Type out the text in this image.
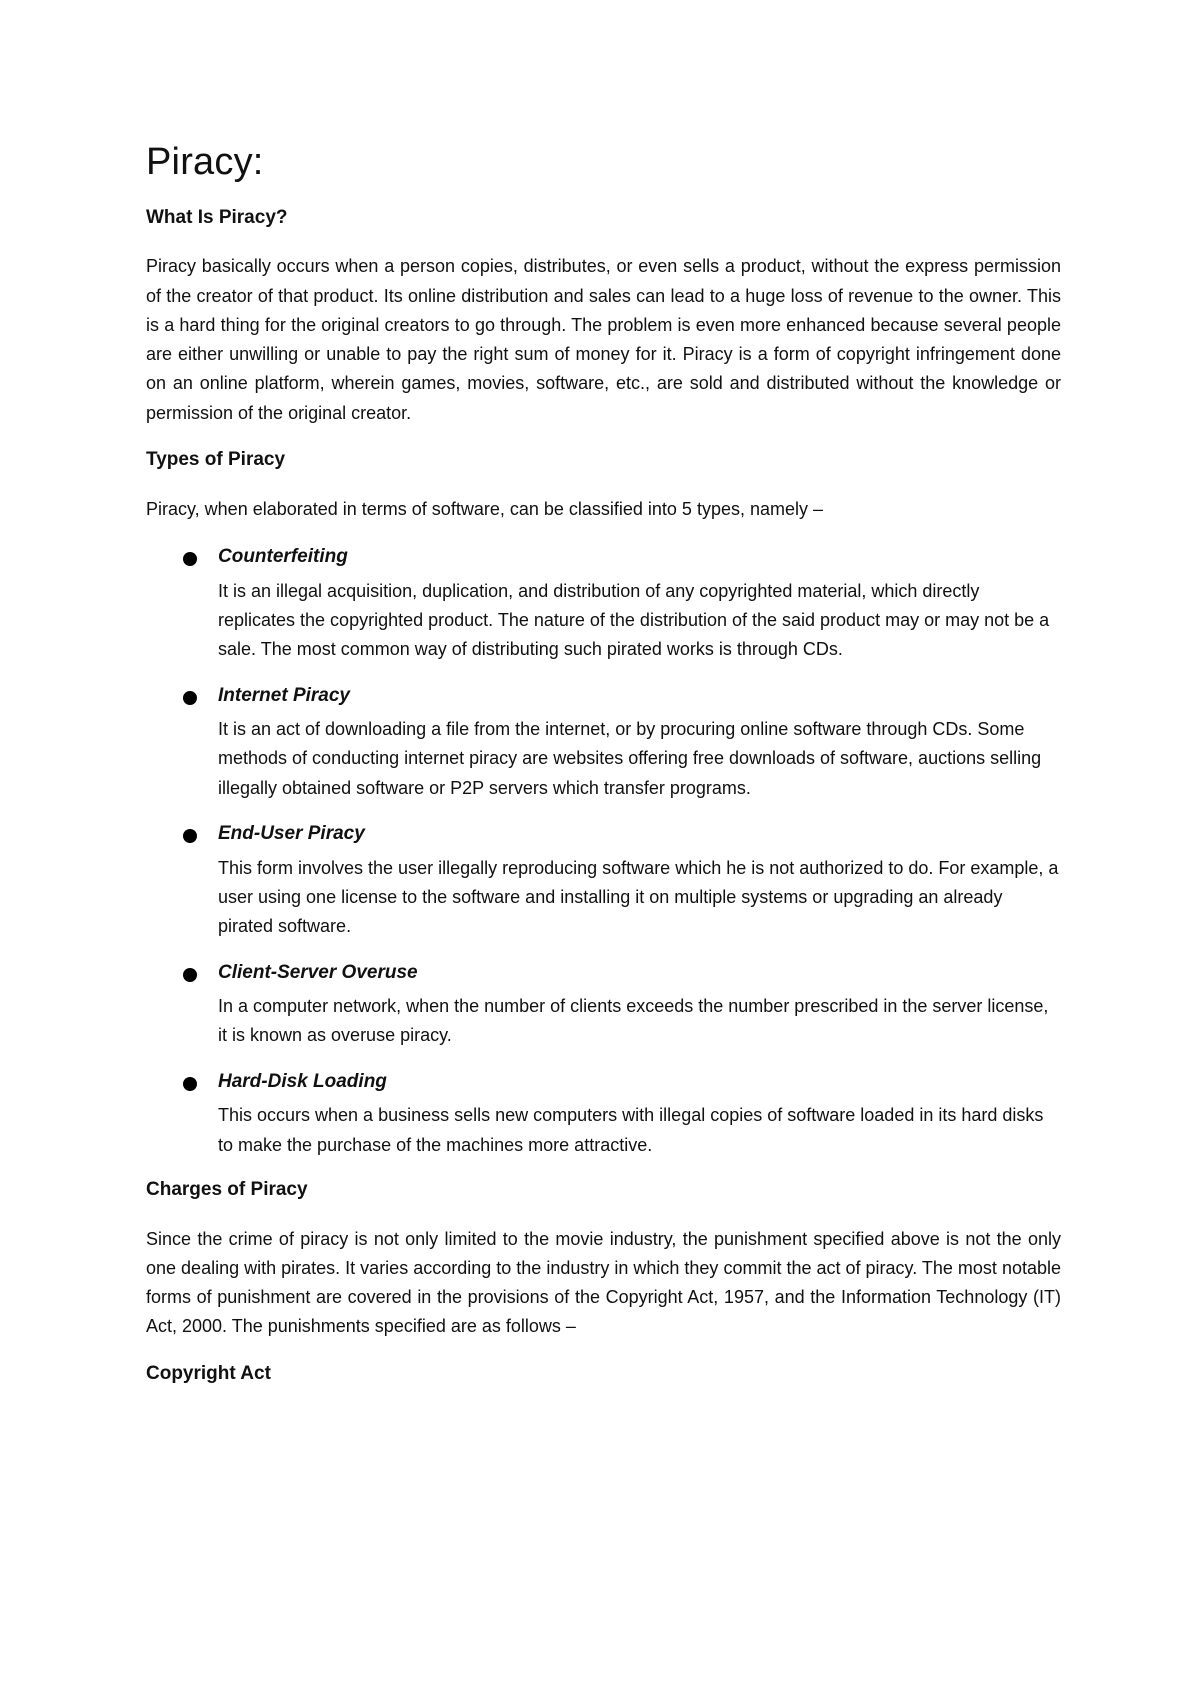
Piracy:
What Is Piracy?

Piracy basically occurs when a person copies, distributes, or even sells a product, without the express permission of the creator of that product. Its online distribution and sales can lead to a huge loss of revenue to the owner. This is a hard thing for the original creators to go through. The problem is even more enhanced because several people are either unwilling or unable to pay the right sum of money for it. Piracy is a form of copyright infringement done on an online platform, wherein games, movies, software, etc., are sold and distributed without the knowledge or permission of the original creator.

Types of Piracy

Piracy, when elaborated in terms of software, can be classified into 5 types, namely –

Counterfeiting

It is an illegal acquisition, duplication, and distribution of any copyrighted material, which directly replicates the copyrighted product. The nature of the distribution of the said product may or may not be a sale. The most common way of distributing such pirated works is through CDs.

Internet Piracy

It is an act of downloading a file from the internet, or by procuring online software through CDs. Some methods of conducting internet piracy are websites offering free downloads of software, auctions selling illegally obtained software or P2P servers which transfer programs.

End-User Piracy

This form involves the user illegally reproducing software which he is not authorized to do. For example, a user using one license to the software and installing it on multiple systems or upgrading an already pirated software.

Client-Server Overuse

In a computer network, when the number of clients exceeds the number prescribed in the server license, it is known as overuse piracy.

Hard-Disk Loading

This occurs when a business sells new computers with illegal copies of software loaded in its hard disks to make the purchase of the machines more attractive.

Charges of Piracy

Since the crime of piracy is not only limited to the movie industry, the punishment specified above is not the only one dealing with pirates. It varies according to the industry in which they commit the act of piracy. The most notable forms of punishment are covered in the provisions of the Copyright Act, 1957, and the Information Technology (IT) Act, 2000. The punishments specified are as follows –

Copyright Act
